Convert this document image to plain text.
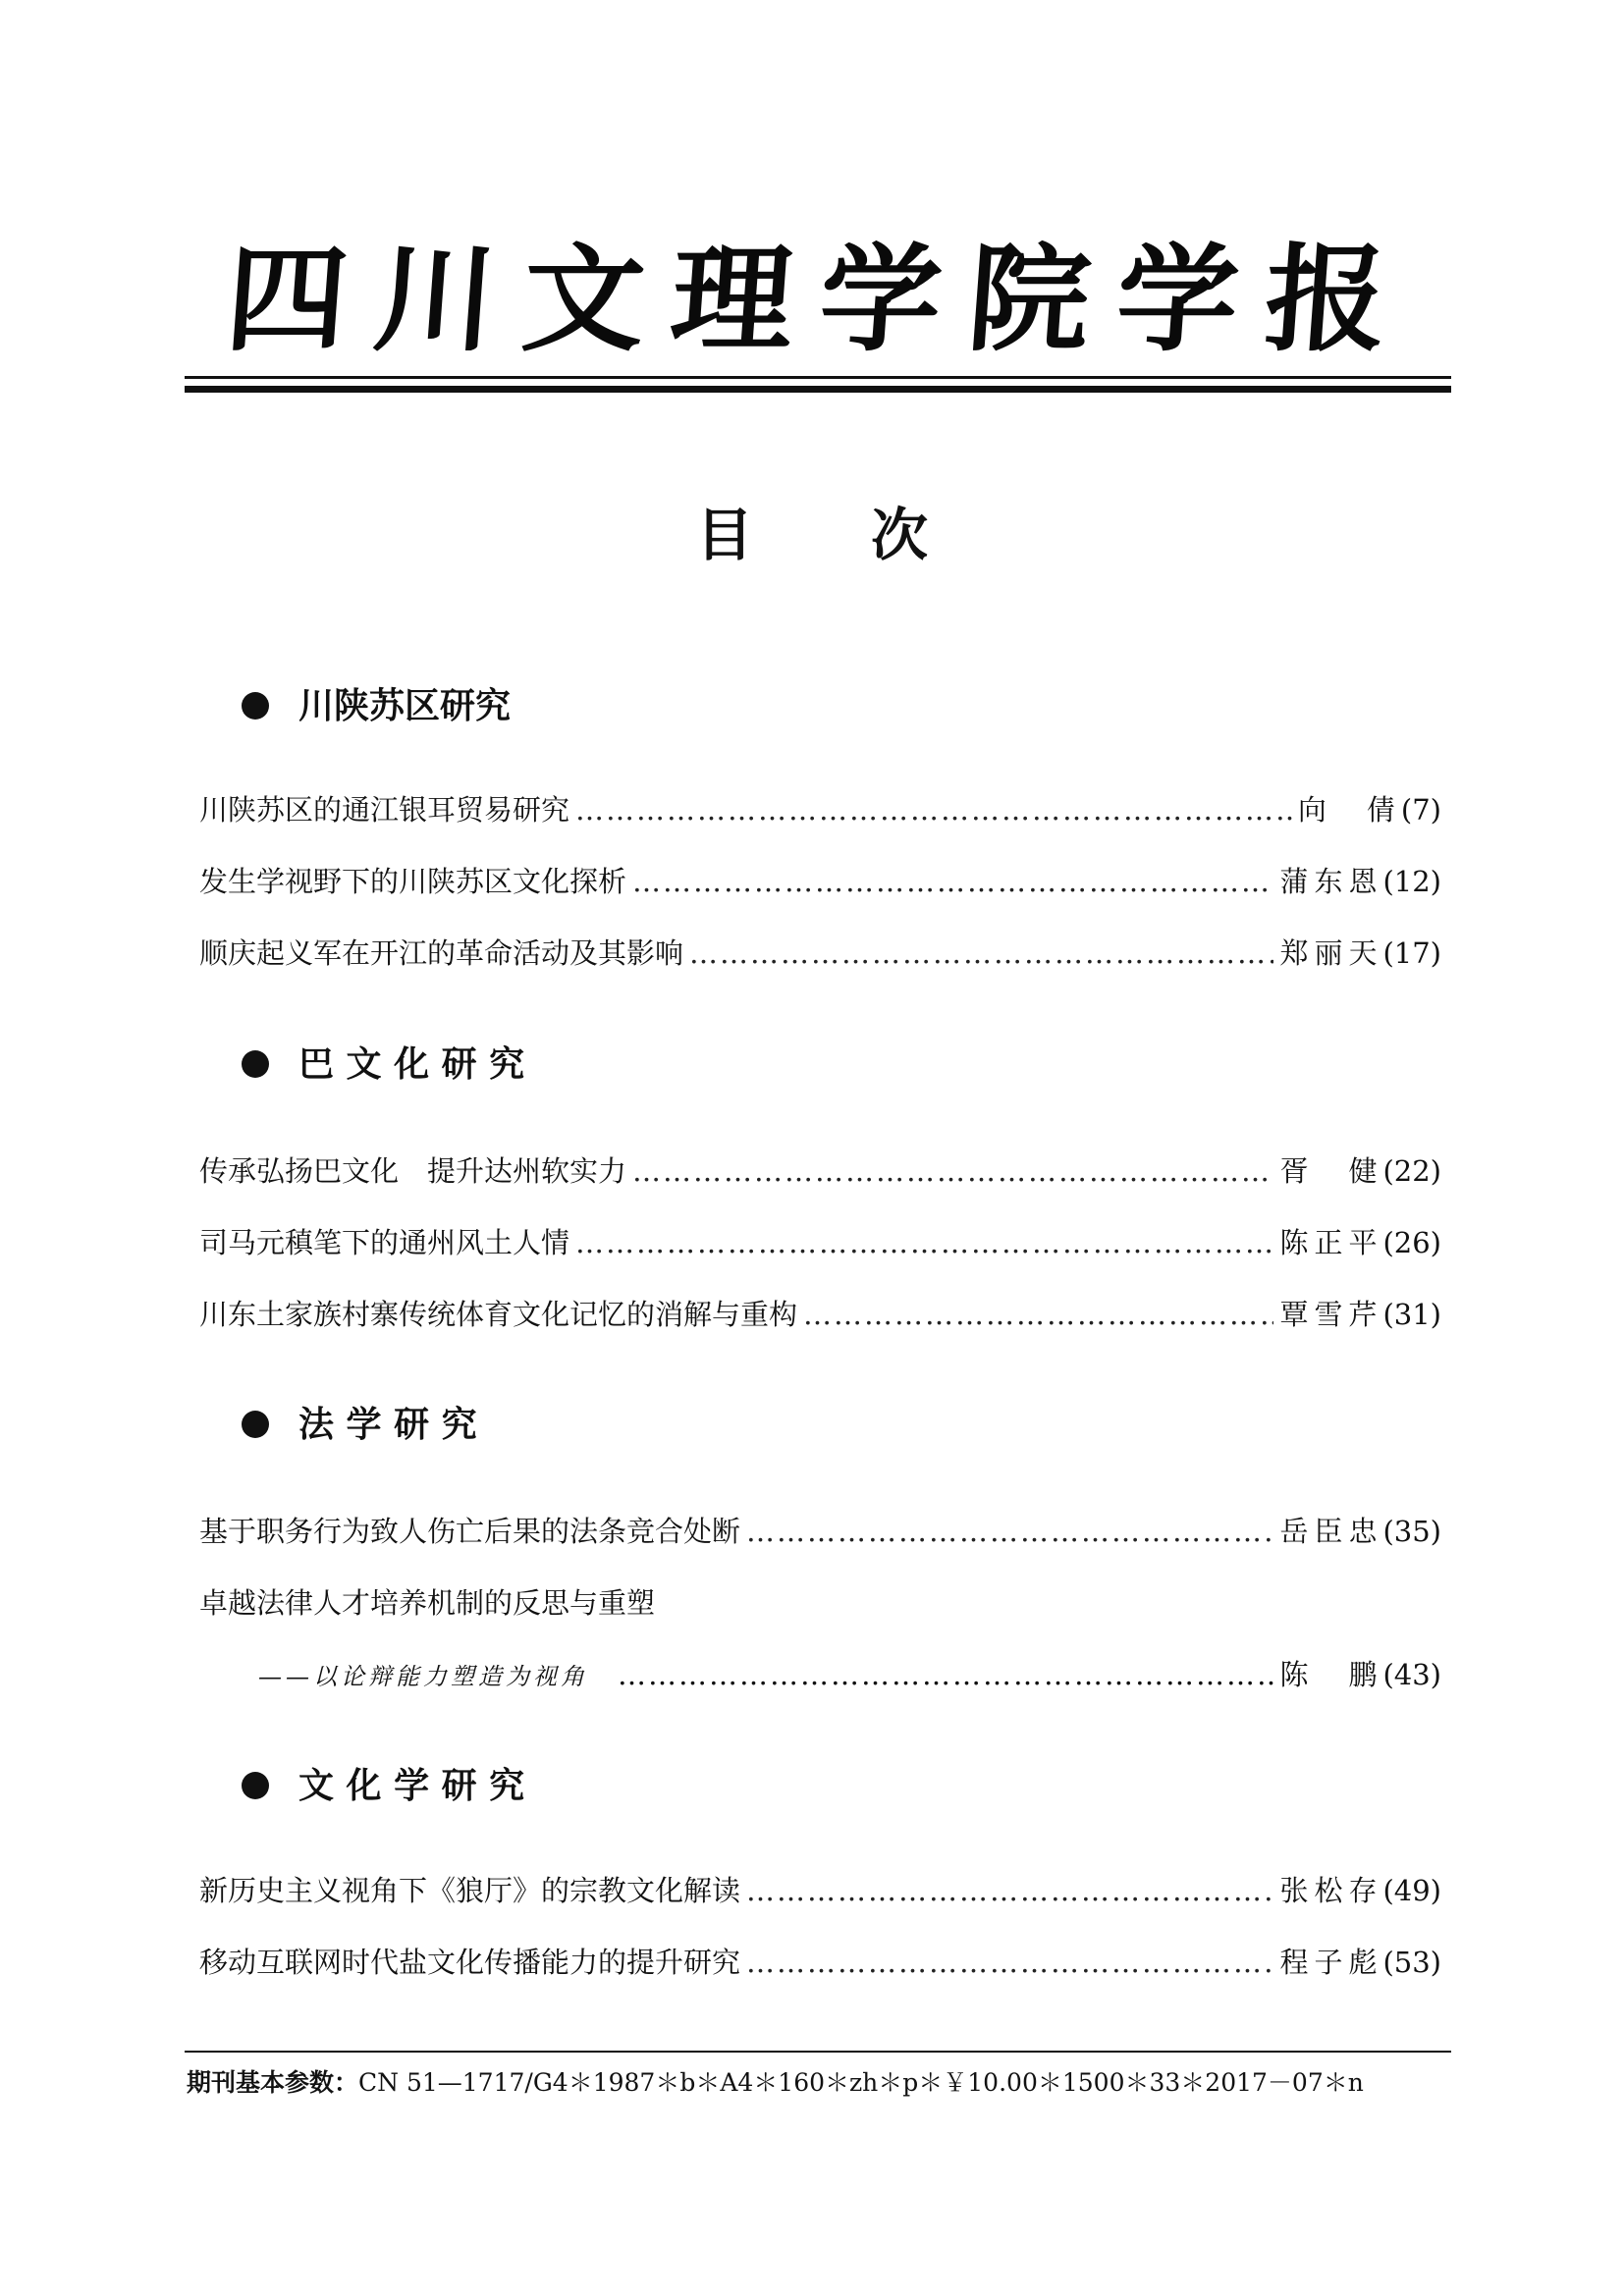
四川文理学院学报
目次
川陕苏区研究
川陕苏区的通江银耳贸易研究 ………………………………………………………………………………………………………………………………	向　倩 (7)
发生学视野下的川陕苏区文化探析 ………………………………………………………………………………………………………………………………	蒲东恩 (12)
顺庆起义军在开江的革命活动及其影响 ………………………………………………………………………………………………………………………………	郑丽天 (17)
巴 文 化 研 究
传承弘扬巴文化　提升达州软实力 ………………………………………………………………………………………………………………………………	胥　健 (22)
司马元稹笔下的通州风土人情 ………………………………………………………………………………………………………………………………	陈正平 (26)
川东土家族村寨传统体育文化记忆的消解与重构 ………………………………………………………………………………………………………………………………	覃雪芹 (31)
法 学 研 究
基于职务行为致人伤亡后果的法条竞合处断 ………………………………………………………………………………………………………………………………	岳臣忠 (35)
卓越法律人才培养机制的反思与重塑
——以论辩能力塑造为视角 ………………………………………………………………………………………………………………………………	陈　鹏 (43)
文 化 学 研 究
新历史主义视角下《狼厅》的宗教文化解读 ………………………………………………………………………………………………………………………………	张松存 (49)
移动互联网时代盐文化传播能力的提升研究 ………………………………………………………………………………………………………………………………	程子彪 (53)
期刊基本参数：CN 51—1717/G4＊1987＊b＊A4＊160＊zh＊p＊￥10.00＊1500＊33＊2017－07＊n
